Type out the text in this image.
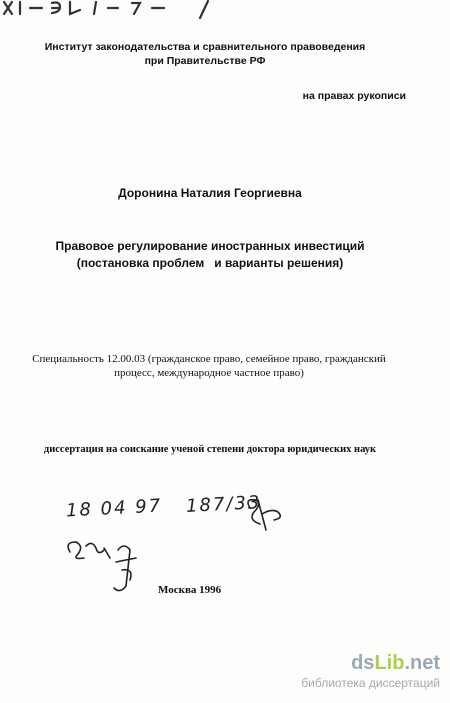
Институт законодательства и сравнительного правоведения
при Правительстве РФ
на правах рукописи
Доронина Наталия Георгиевна
Правовое регулирование иностранных инвестиций
(постановка проблем и варианты решения)
Специальность 12.00.03 (гражданское право, семейное право, гражданский
процесс, международное частное право)
диссертация на соискание ученой степени доктора юридических наук
18 04 97 187/33
Москва 1996
dsLib.net
библиотека диссертаций
